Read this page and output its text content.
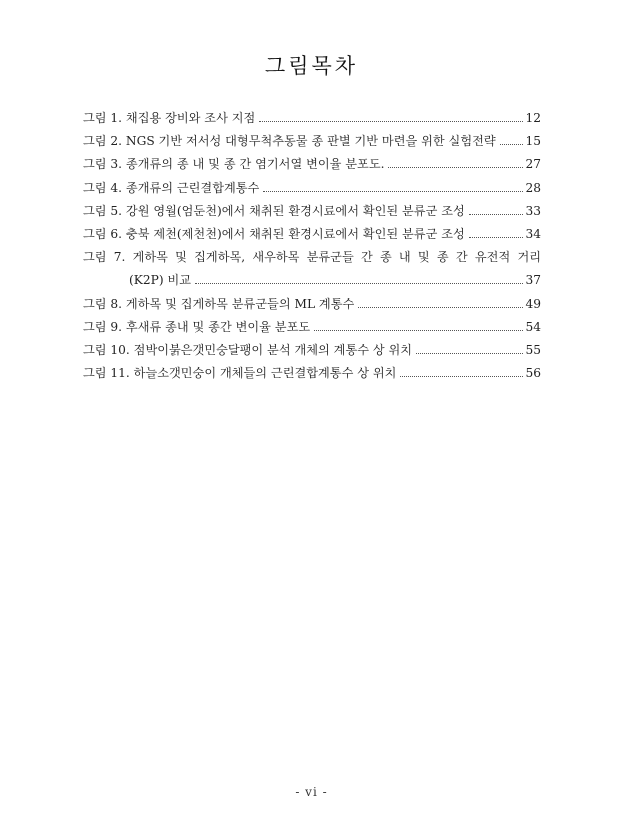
그림목차
그림 1. 채집용 장비와 조사 지점	12
그림 2. NGS 기반 저서성 대형무척추동물 종 판별 기반 마련을 위한 실험전략 15
그림 3. 종개류의 종 내 및 종 간 염기서열 변이율 분포도.	27
그림 4. 종개류의 근린결합계통수	28
그림 5. 강원 영월(엄둔천)에서 채취된 환경시료에서 확인된 분류군 조성	33
그림 6. 충북 제천(제천천)에서 채취된 환경시료에서 확인된 분류군 조성	34
그림 7. 게하목 및 집게하목, 새우하목 분류군들 간 종 내 및 종 간 유전적 거리
(K2P) 비교	37
그림 8. 게하목 및 집게하목 분류군들의 ML 계통수	49
그림 9. 후새류 종내 및 종간 변이율 분포도	54
그림 10. 점박이붉은갯민숭달팽이 분석 개체의 계통수 상 위치	55
그림 11. 하늘소갯민숭이 개체들의 근린결합계통수 상 위치	56
- vi -
